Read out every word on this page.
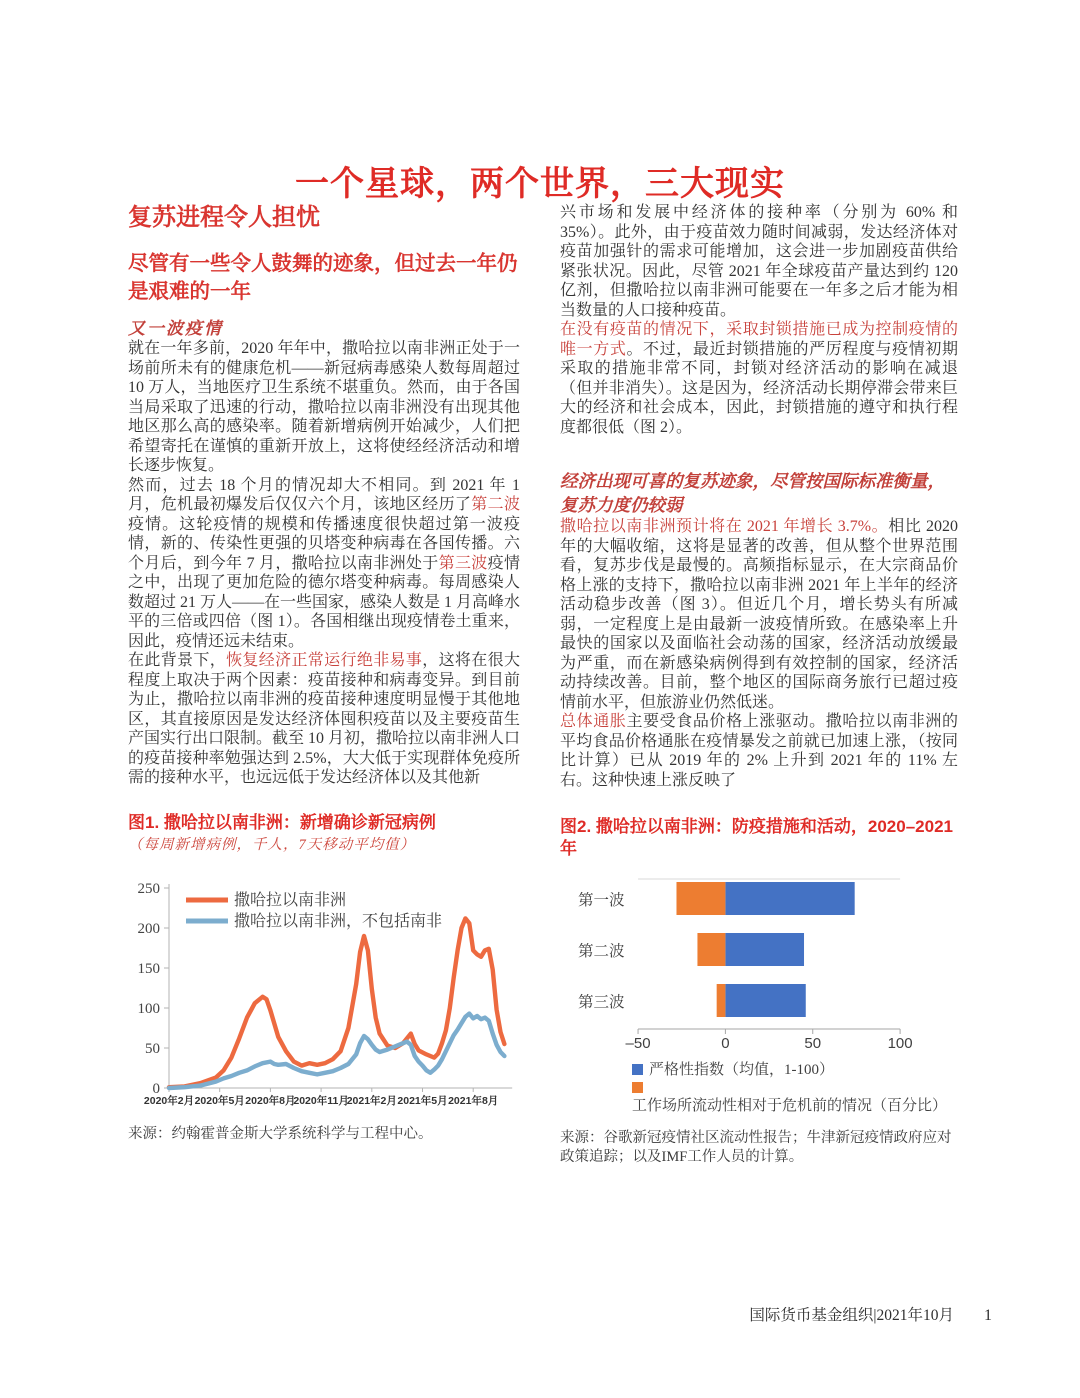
一个星球，两个世界，三大现实
复苏进程令人担忧
尽管有一些令人鼓舞的迹象，但过去一年仍是艰难的一年
又一波疫情

就在一年多前，2020 年年中，撒哈拉以南非洲正处于一场前所未有的健康危机——新冠病毒感染人数每周超过 10 万人，当地医疗卫生系统不堪重负。然而，由于各国当局采取了迅速的行动，撒哈拉以南非洲没有出现其他地区那么高的感染率。随着新增病例开始减少，人们把希望寄托在谨慎的重新开放上，这将使经经济活动和增长逐步恢复。

然而，过去 18 个月的情况却大不相同。到 2021 年 1 月，危机最初爆发后仅仅六个月，该地区经历了第二波疫情。这轮疫情的规模和传播速度很快超过第一波疫情，新的、传染性更强的贝塔变种病毒在各国传播。六个月后，到今年 7 月，撒哈拉以南非洲处于第三波疫情之中，出现了更加危险的德尔塔变种病毒。每周感染人数超过 21 万人——在一些国家，感染人数是 1 月高峰水平的三倍或四倍（图 1）。各国相继出现疫情卷土重来，因此，疫情还远未结束。

在此背景下，恢复经济正常运行绝非易事，这将在很大程度上取决于两个因素：疫苗接种和病毒变异。到目前为止，撒哈拉以南非洲的疫苗接种速度明显慢于其他地区，其直接原因是发达经济体囤积疫苗以及主要疫苗生产国实行出口限制。截至 10 月初，撒哈拉以南非洲人口的疫苗接种率勉强达到 2.5%，大大低于实现群体免疫所需的接种水平，也远远低于发达经济体以及其他新

图1. 撒哈拉以南非洲：新增确诊新冠病例
（每周新增病例，千人，7天移动平均值）
0
50
100
150
200
250
2020年2月 2020年5月 2020年8月
2020年11月
2021年2月 2021年5月 2021年8月
撒哈拉以南非洲
撒哈拉以南非洲，不包括南非
来源：约翰霍普金斯大学系统科学与工程中心。

兴市场和发展中经济体的接种率（分别为 60% 和 35%）。此外，由于疫苗效力随时间减弱，发达经济体对疫苗加强针的需求可能增加，这会进一步加剧疫苗供给紧张状况。因此，尽管 2021 年全球疫苗产量达到约 120 亿剂，但撒哈拉以南非洲可能要在一年多之后才能为相当数量的人口接种疫苗。

在没有疫苗的情况下，采取封锁措施已成为控制疫情的唯一方式。不过，最近封锁措施的严厉程度与疫情初期采取的措施非常不同，封锁对经济活动的影响在减退（但并非消失）。这是因为，经济活动长期停滞会带来巨大的经济和社会成本，因此，封锁措施的遵守和执行程度都很低（图 2）。

经济出现可喜的复苏迹象，尽管按国际标准衡量，复苏力度仍较弱

撒哈拉以南非洲预计将在 2021 年增长 3.7%。相比 2020 年的大幅收缩，这将是显著的改善，但从整个世界范围看，复苏步伐是最慢的。高频指标显示，在大宗商品价格上涨的支持下，撒哈拉以南非洲 2021 年上半年的经济活动稳步改善（图 3）。但近几个月，增长势头有所减弱，一定程度上是由最新一波疫情所致。在感染率上升最快的国家以及面临社会动荡的国家，经济活动放缓最为严重，而在新感染病例得到有效控制的国家，经济活动持续改善。目前，整个地区的国际商务旅行已超过疫情前水平，但旅游业仍然低迷。

总体通胀主要受食品价格上涨驱动。撒哈拉以南非洲的平均食品价格通胀在疫情暴发之前就已加速上涨，（按同比计算）已从 2019 年的 2% 上升到 2021 年的 11% 左右。这种快速上涨反映了

图2. 撒哈拉以南非洲：防疫措施和活动，2020–2021年
第一波
第二波
第三波
–50	0	50	100
严格性指数（均值，1-100）
工作场所流动性相对于危机前的情况（百分比）
来源：谷歌新冠疫情社区流动性报告；牛津新冠疫情政府应对政策追踪；以及IMF工作人员的计算。
国际货币基金组织|2021年10月 1
